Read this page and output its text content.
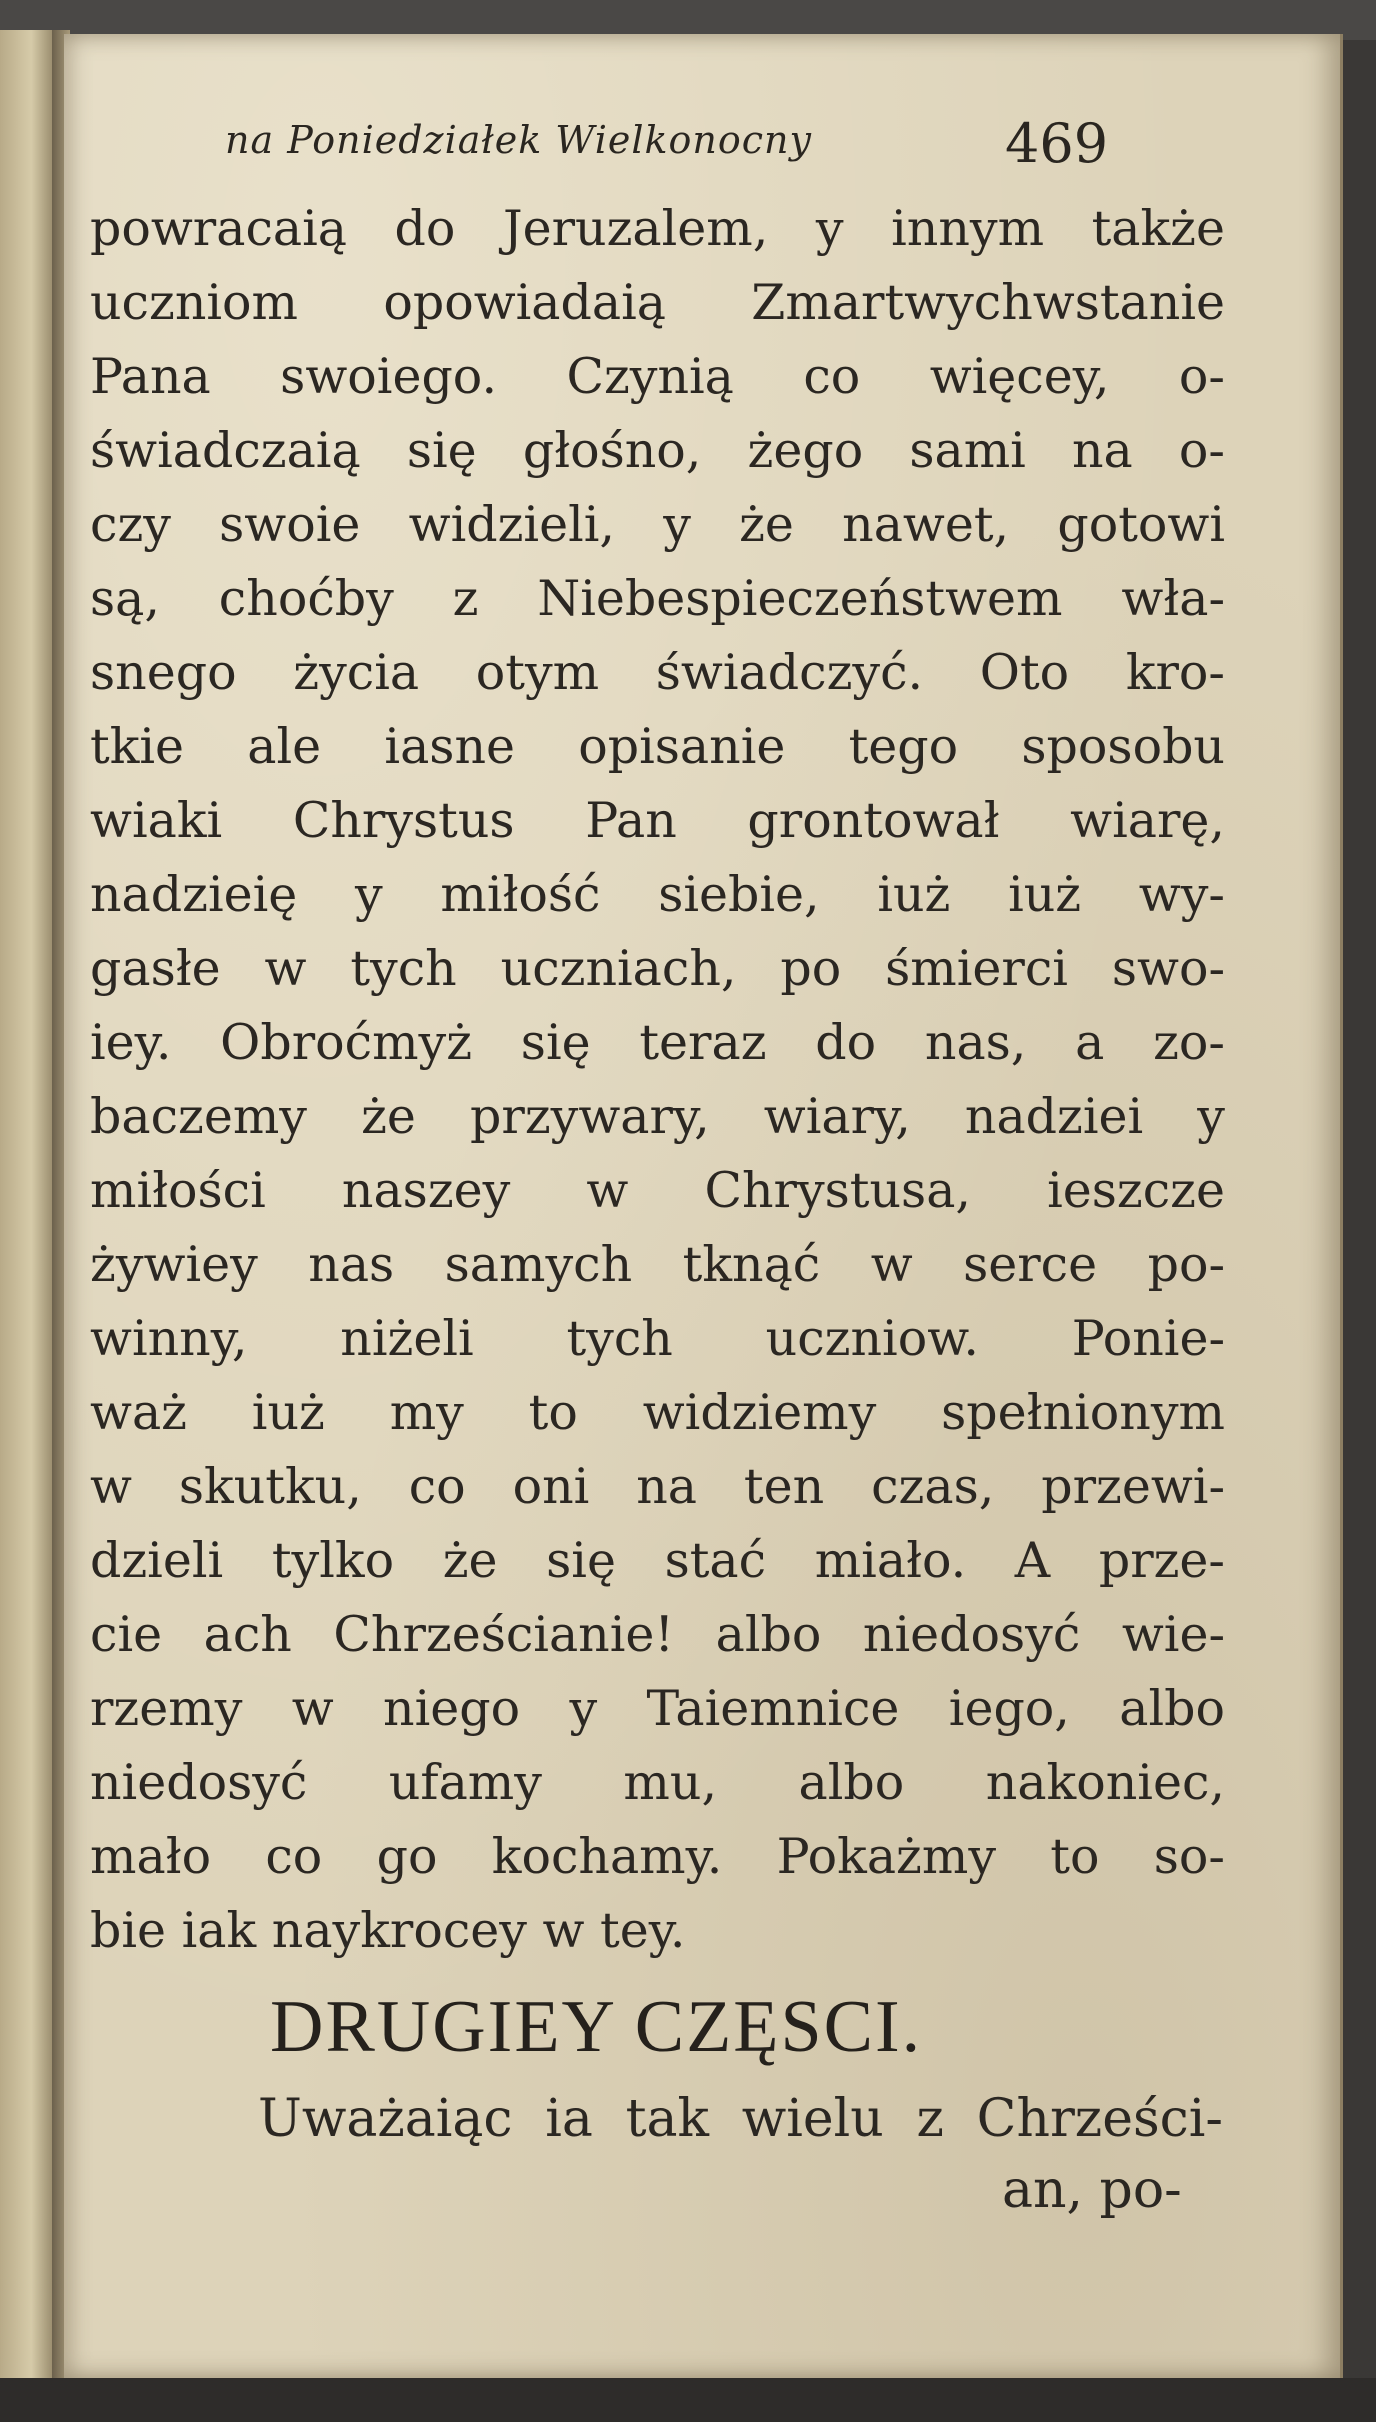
na Poniedziałek Wielkonocny	469
powracaią do Jeruzalem, y innym także
uczniom opowiadaią Zmartwychwstanie
Pana swoiego. Czynią co więcey, o-
świadczaią się głośno, żego sami na o-
czy swoie widzieli, y że nawet, gotowi
są, choćby z Niebespieczeństwem wła-
snego życia otym świadczyć. Oto kro-
tkie ale iasne opisanie tego sposobu
wiaki Chrystus Pan grontował wiarę,
nadzieię y miłość siebie, iuż iuż wy-
gasłe w tych uczniach, po śmierci swo-
iey. Obroćmyż się teraz do nas, a zo-
baczemy że przywary, wiary, nadziei y
miłości naszey w Chrystusa, ieszcze
żywiey nas samych tknąć w serce po-
winny, niżeli tych uczniow. Ponie-
waż iuż my to widziemy spełnionym
w skutku, co oni na ten czas, przewi-
dzieli tylko że się stać miało. A prze-
cie ach Chrześcianie! albo niedosyć wie-
rzemy w niego y Taiemnice iego, albo
niedosyć ufamy mu, albo nakoniec,
mało co go kochamy. Pokażmy to so-
bie iak naykrocey w tey.
DRUGIEY CZĘSCI.
Uważaiąc ia tak wielu z Chrześci-
an, po-
